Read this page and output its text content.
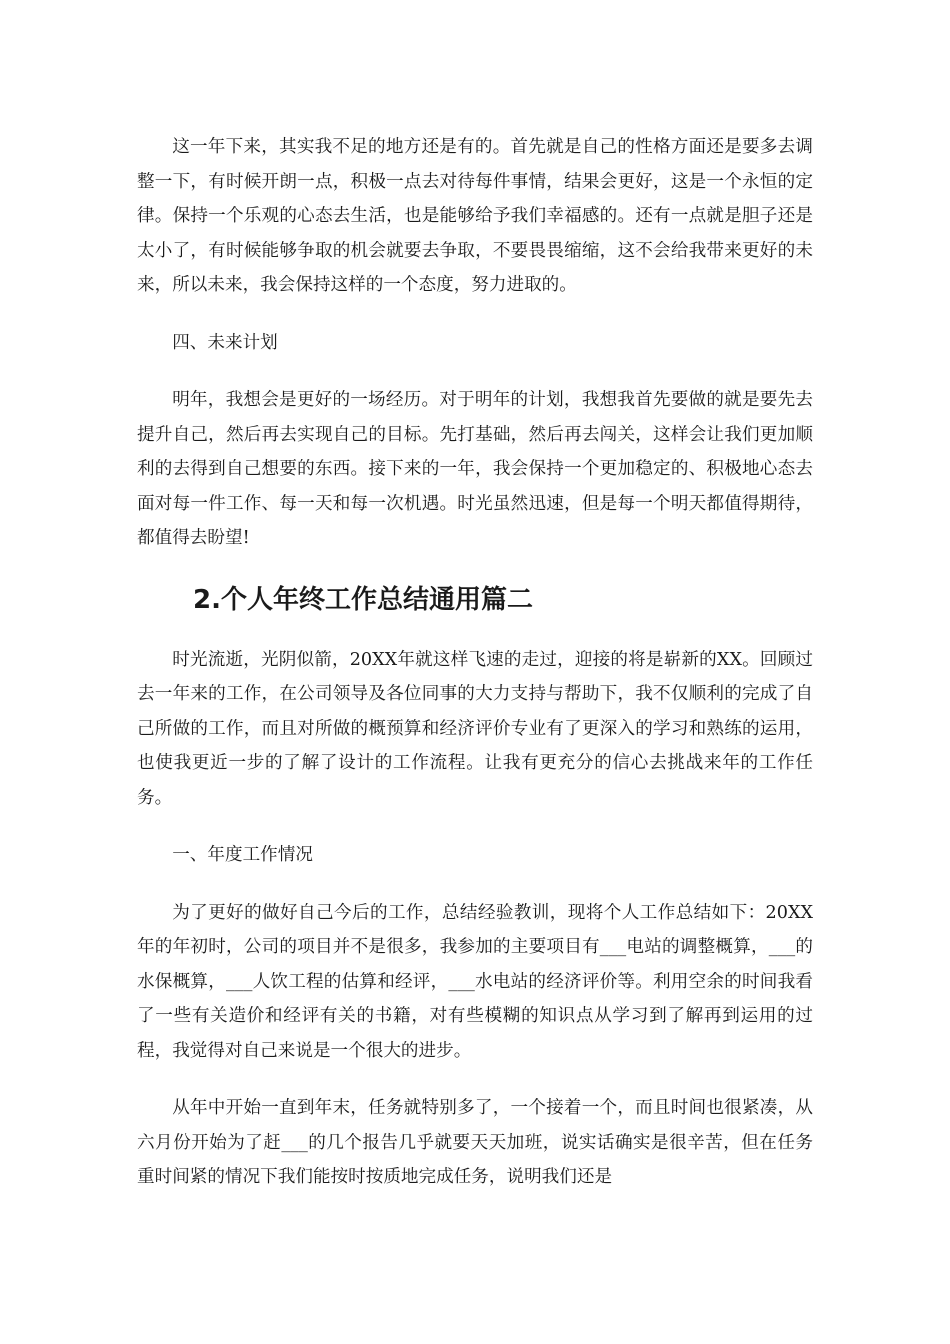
这一年下来，其实我不足的地方还是有的。首先就是自己的性格方面还是要多去调整一下，有时候开朗一点，积极一点去对待每件事情，结果会更好，这是一个永恒的定律。保持一个乐观的心态去生活，也是能够给予我们幸福感的。还有一点就是胆子还是太小了，有时候能够争取的机会就要去争取，不要畏畏缩缩，这不会给我带来更好的未来，所以未来，我会保持这样的一个态度，努力进取的。

四、未来计划

明年，我想会是更好的一场经历。对于明年的计划，我想我首先要做的就是要先去提升自己，然后再去实现自己的目标。先打基础，然后再去闯关，这样会让我们更加顺利的去得到自己想要的东西。接下来的一年，我会保持一个更加稳定的、积极地心态去面对每一件工作、每一天和每一次机遇。时光虽然迅速，但是每一个明天都值得期待，都值得去盼望!

2.个人年终工作总结通用篇二

时光流逝，光阴似箭，20XX年就这样飞速的走过，迎接的将是崭新的XX。回顾过去一年来的工作，在公司领导及各位同事的大力支持与帮助下，我不仅顺利的完成了自己所做的工作，而且对所做的概预算和经济评价专业有了更深入的学习和熟练的运用，也使我更近一步的了解了设计的工作流程。让我有更充分的信心去挑战来年的工作任务。

一、年度工作情况

为了更好的做好自己今后的工作，总结经验教训，现将个人工作总结如下：20XX年的年初时，公司的项目并不是很多，我参加的主要项目有___电站的调整概算，___的水保概算，___人饮工程的估算和经评，___水电站的经济评价等。利用空余的时间我看了一些有关造价和经评有关的书籍，对有些模糊的知识点从学习到了解再到运用的过程，我觉得对自己来说是一个很大的进步。

从年中开始一直到年末，任务就特别多了，一个接着一个，而且时间也很紧凑，从六月份开始为了赶___的几个报告几乎就要天天加班，说实话确实是很辛苦，但在任务重时间紧的情况下我们能按时按质地完成任务，说明我们还是
